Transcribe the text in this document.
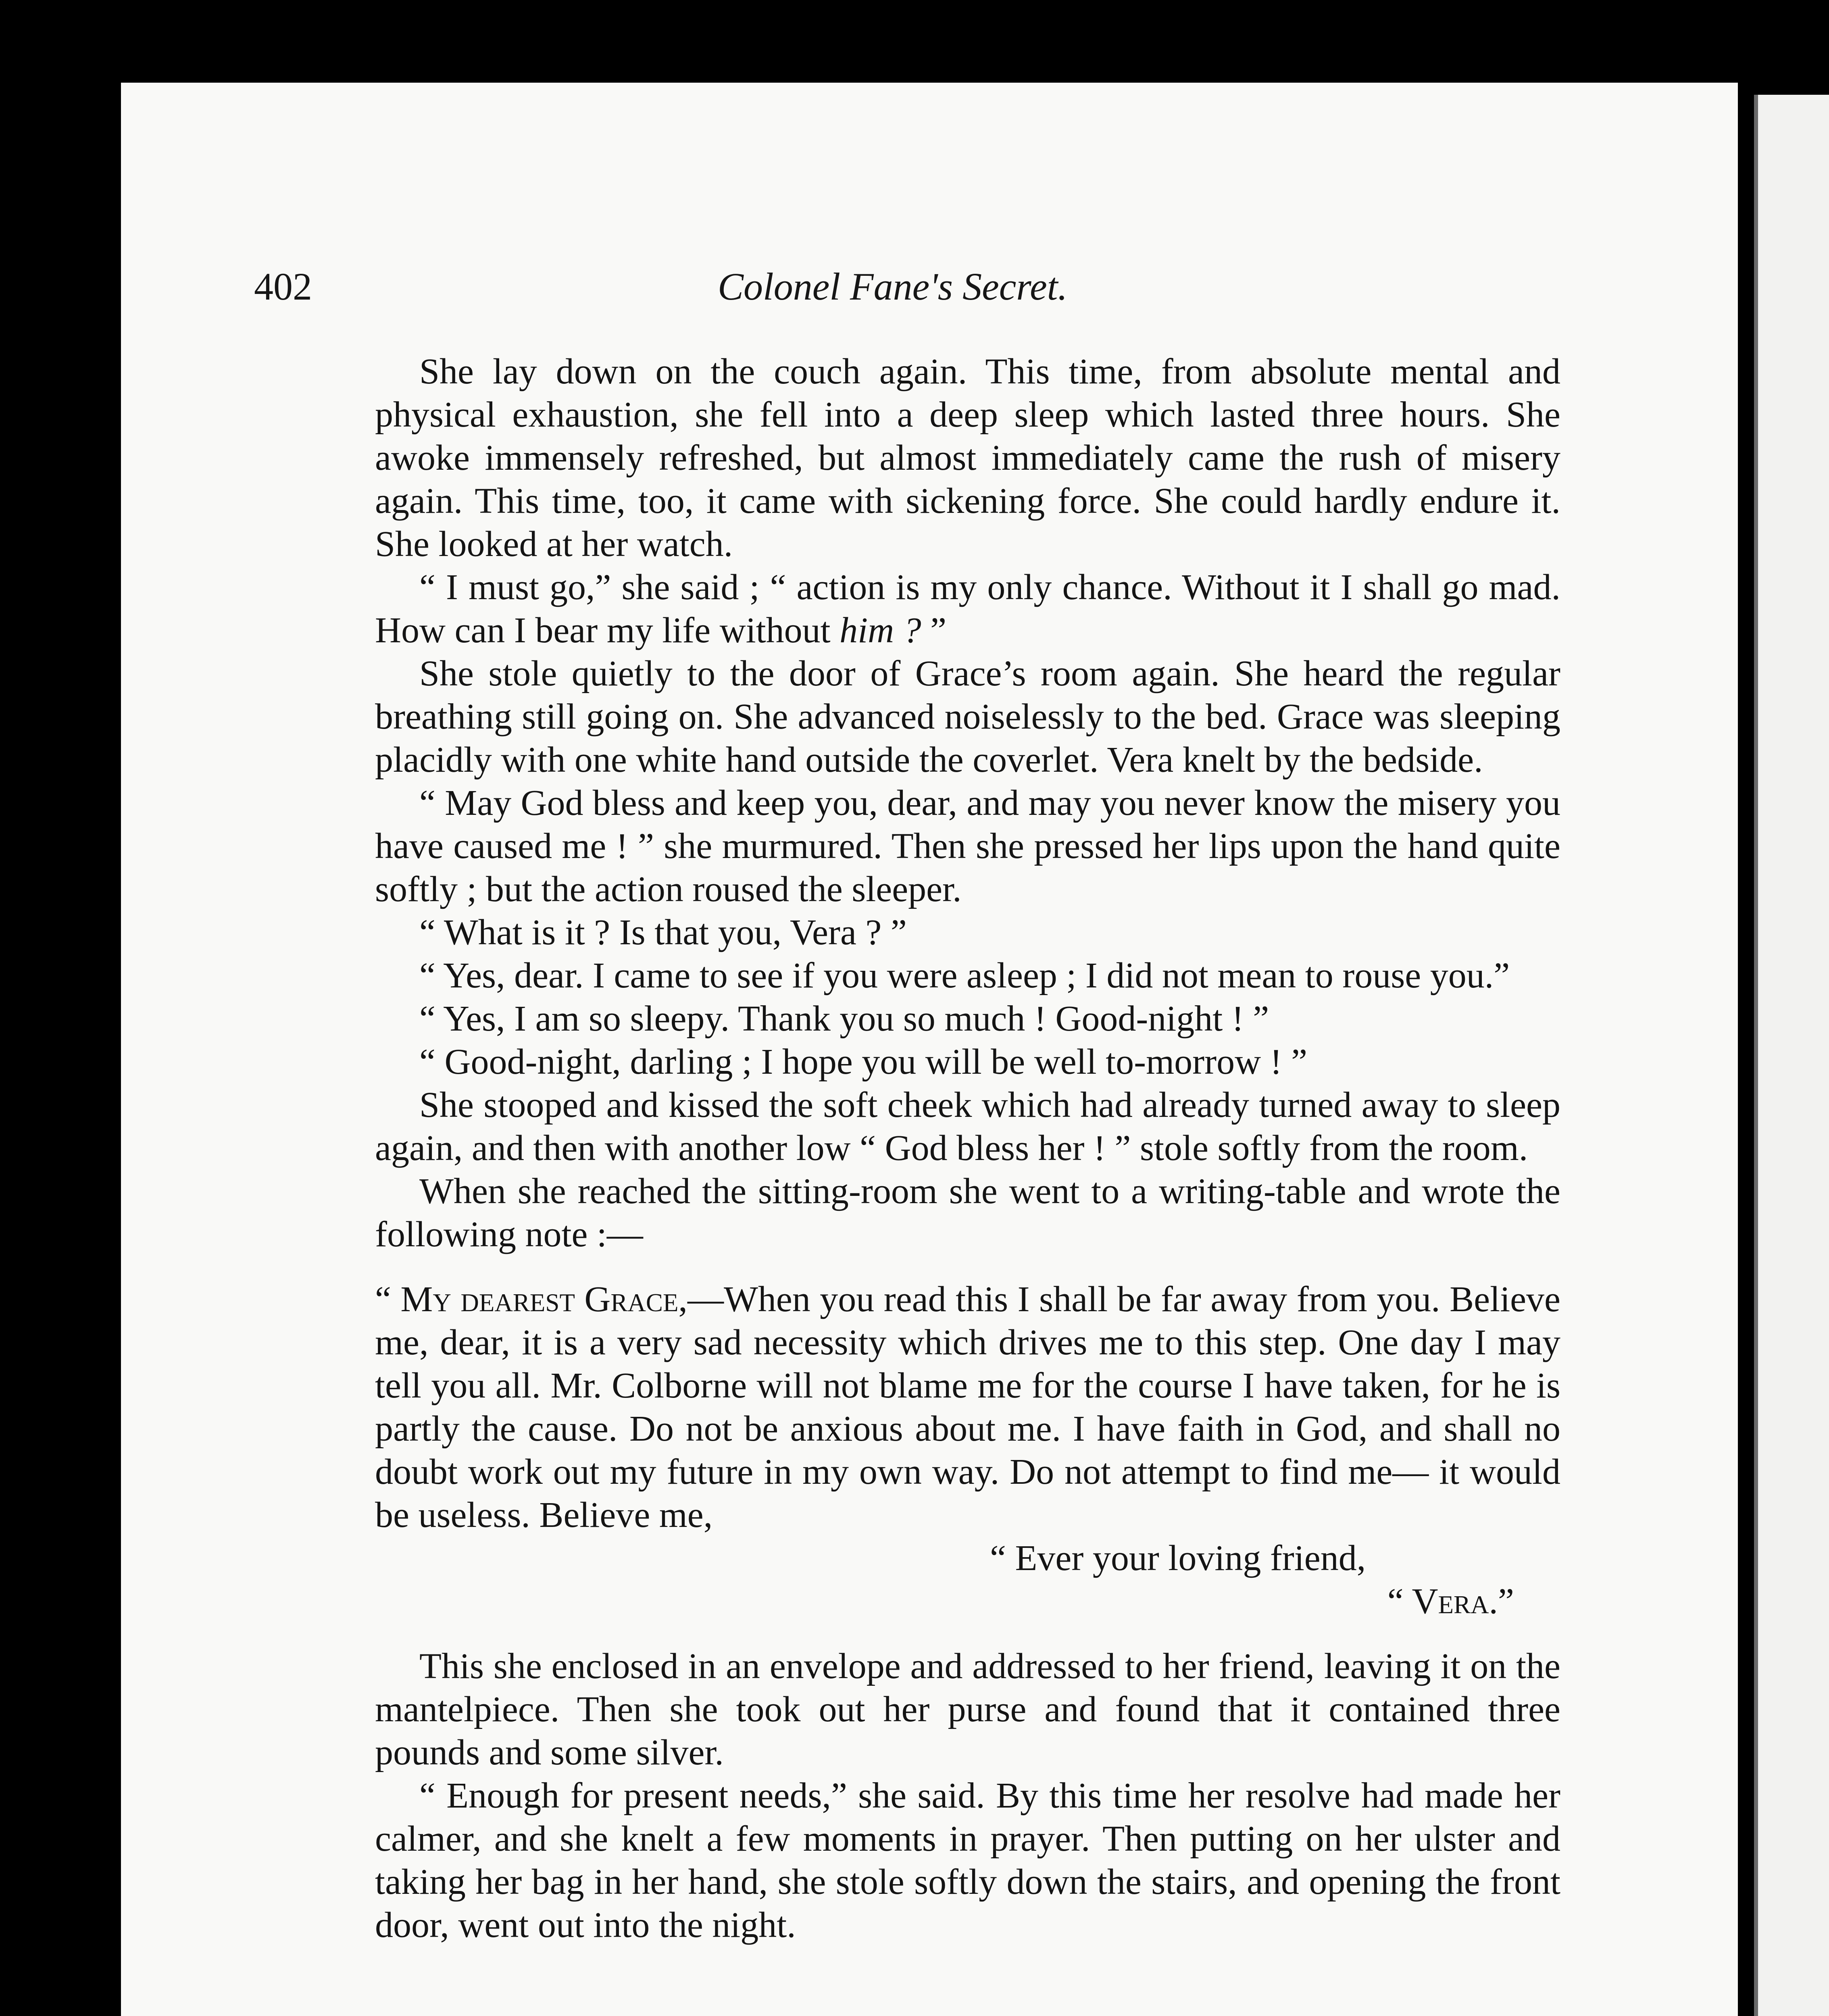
402	Colonel Fane's Secret.

She lay down on the couch again. This time, from absolute mental and physical exhaustion, she fell into a deep sleep which lasted three hours. She awoke immensely refreshed, but almost immediately came the rush of misery again. This time, too, it came with sickening force. She could hardly endure it. She looked at her watch.

“ I must go,” she said ; “ action is my only chance. Without it I shall go mad. How can I bear my life without him ? ”

She stole quietly to the door of Grace’s room again. She heard the regular breathing still going on. She advanced noiselessly to the bed. Grace was sleeping placidly with one white hand outside the coverlet. Vera knelt by the bedside.

“ May God bless and keep you, dear, and may you never know the misery you have caused me ! ” she murmured. Then she pressed her lips upon the hand quite softly ; but the action roused the sleeper.

“ What is it ? Is that you, Vera ? ”

“ Yes, dear. I came to see if you were asleep ; I did not mean to rouse you.”

“ Yes, I am so sleepy. Thank you so much ! Good-night ! ”

“ Good-night, darling ; I hope you will be well to-morrow ! ”

She stooped and kissed the soft cheek which had already turned away to sleep again, and then with another low “ God bless her ! ” stole softly from the room.

When she reached the sitting-room she went to a writing-table and wrote the following note :—

“ My dearest Grace,—When you read this I shall be far away from you. Believe me, dear, it is a very sad necessity which drives me to this step. One day I may tell you all. Mr. Colborne will not blame me for the course I have taken, for he is partly the cause. Do not be anxious about me. I have faith in God, and shall no doubt work out my future in my own way. Do not attempt to find me— it would be useless. Believe me,

“ Ever your loving friend,

“ Vera.”

This she enclosed in an envelope and addressed to her friend, leaving it on the mantelpiece. Then she took out her purse and found that it contained three pounds and some silver.

“ Enough for present needs,” she said. By this time her resolve had made her calmer, and she knelt a few moments in prayer. Then putting on her ulster and taking her bag in her hand, she stole softly down the stairs, and opening the front door, went out into the night.
